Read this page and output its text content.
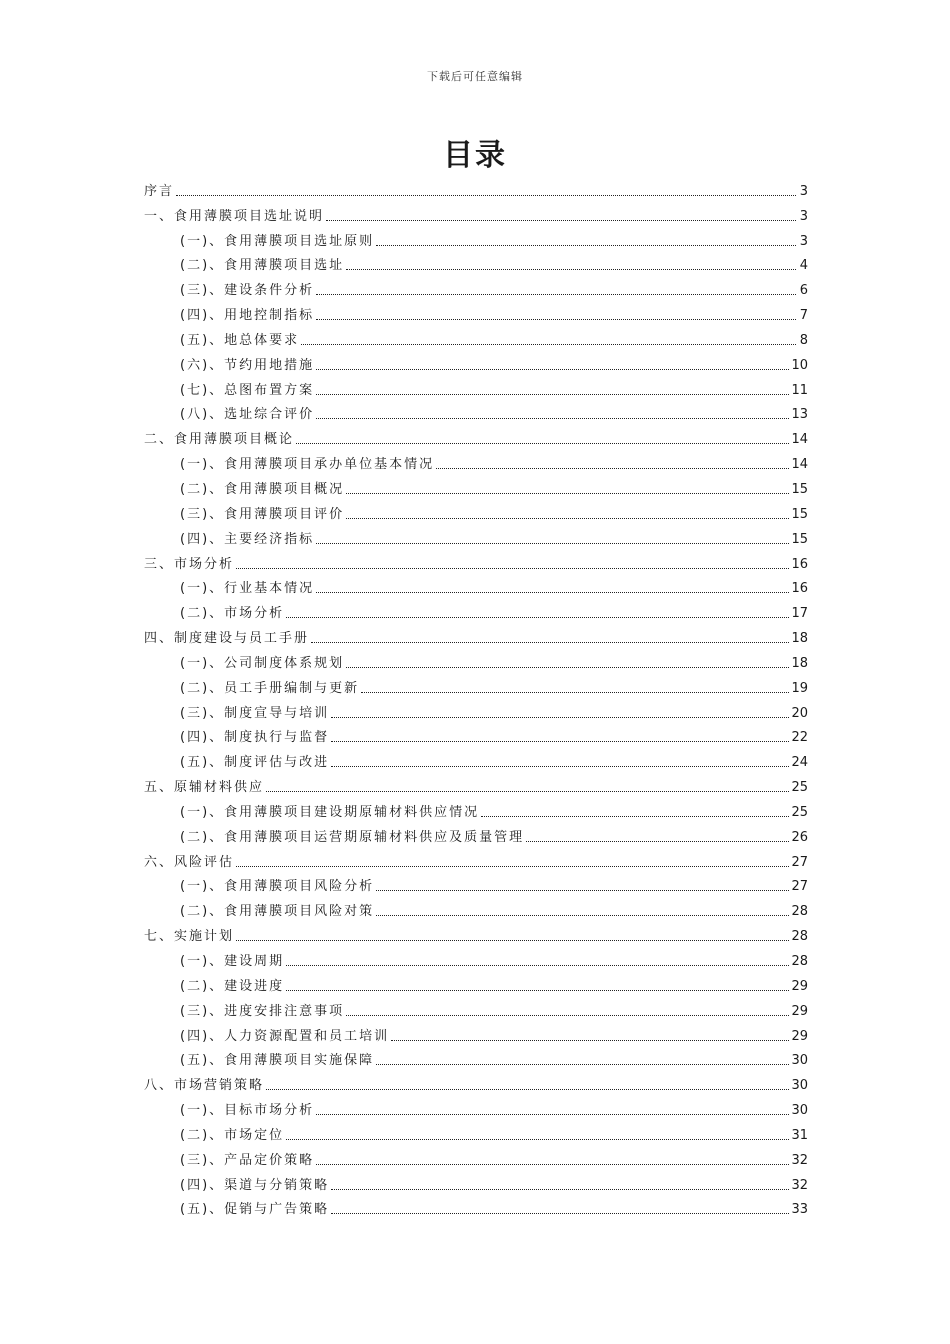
下载后可任意编辑
目录
序言	3
一、食用薄膜项目选址说明	3
(一)、食用薄膜项目选址原则	3
(二)、食用薄膜项目选址	4
(三)、建设条件分析	6
(四)、用地控制指标	7
(五)、地总体要求	8
(六)、节约用地措施	10
(七)、总图布置方案	11
(八)、选址综合评价	13
二、食用薄膜项目概论	14
(一)、食用薄膜项目承办单位基本情况	14
(二)、食用薄膜项目概况	15
(三)、食用薄膜项目评价	15
(四)、主要经济指标	15
三、市场分析	16
(一)、行业基本情况	16
(二)、市场分析	17
四、制度建设与员工手册	18
(一)、公司制度体系规划	18
(二)、员工手册编制与更新	19
(三)、制度宣导与培训	20
(四)、制度执行与监督	22
(五)、制度评估与改进	24
五、原辅材料供应	25
(一)、食用薄膜项目建设期原辅材料供应情况	25
(二)、食用薄膜项目运营期原辅材料供应及质量管理	26
六、风险评估	27
(一)、食用薄膜项目风险分析	27
(二)、食用薄膜项目风险对策	28
七、实施计划	28
(一)、建设周期	28
(二)、建设进度	29
(三)、进度安排注意事项	29
(四)、人力资源配置和员工培训	29
(五)、食用薄膜项目实施保障	30
八、市场营销策略	30
(一)、目标市场分析	30
(二)、市场定位	31
(三)、产品定价策略	32
(四)、渠道与分销策略	32
(五)、促销与广告策略	33
